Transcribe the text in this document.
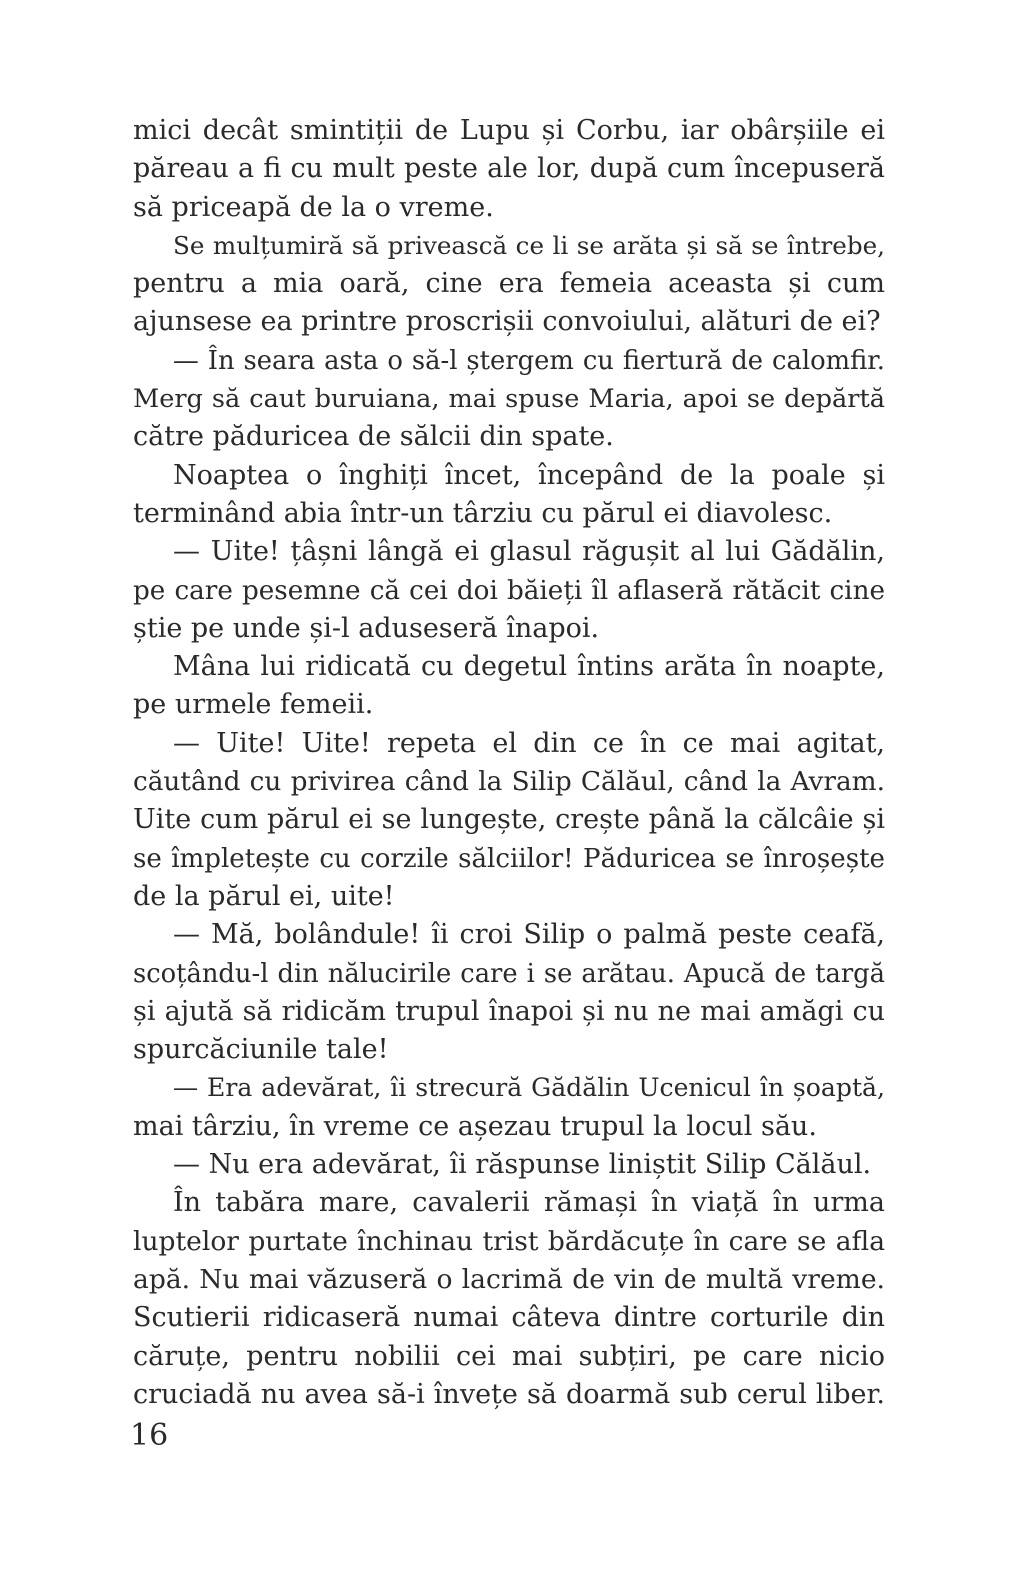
mici decât smintiții de Lupu și Corbu, iar obârșiile ei
păreau a fi cu mult peste ale lor, după cum începuseră
să priceapă de la o vreme.
Se mulțumiră să privească ce li se arăta și să se întrebe,
pentru a mia oară, cine era femeia aceasta și cum
ajunsese ea printre proscrișii convoiului, alături de ei?
— În seara asta o să-l ștergem cu fiertură de calomfir.
Merg să caut buruiana, mai spuse Maria, apoi se depărtă
către păduricea de sălcii din spate.
Noaptea o înghiți încet, începând de la poale și
terminând abia într-un târziu cu părul ei diavolesc.
— Uite! țâșni lângă ei glasul răgușit al lui Gădălin,
pe care pesemne că cei doi băieți îl aflaseră rătăcit cine
știe pe unde și-l aduseseră înapoi.
Mâna lui ridicată cu degetul întins arăta în noapte,
pe urmele femeii.
— Uite! Uite! repeta el din ce în ce mai agitat,
căutând cu privirea când la Silip Călăul, când la Avram.
Uite cum părul ei se lungește, crește până la călcâie și
se împletește cu corzile sălciilor! Păduricea se înroșește
de la părul ei, uite!
— Mă, bolândule! îi croi Silip o palmă peste ceafă,
scoțându-l din nălucirile care i se arătau. Apucă de targă
și ajută să ridicăm trupul înapoi și nu ne mai amăgi cu
spurcăciunile tale!
— Era adevărat, îi strecură Gădălin Ucenicul în șoaptă,
mai târziu, în vreme ce așezau trupul la locul său.
— Nu era adevărat, îi răspunse liniștit Silip Călăul.
În tabăra mare, cavalerii rămași în viață în urma
luptelor purtate închinau trist bărdăcuțe în care se afla
apă. Nu mai văzuseră o lacrimă de vin de multă vreme.
Scutierii ridicaseră numai câteva dintre corturile din
căruțe, pentru nobilii cei mai subțiri, pe care nicio
cruciadă nu avea să-i învețe să doarmă sub cerul liber.
16
